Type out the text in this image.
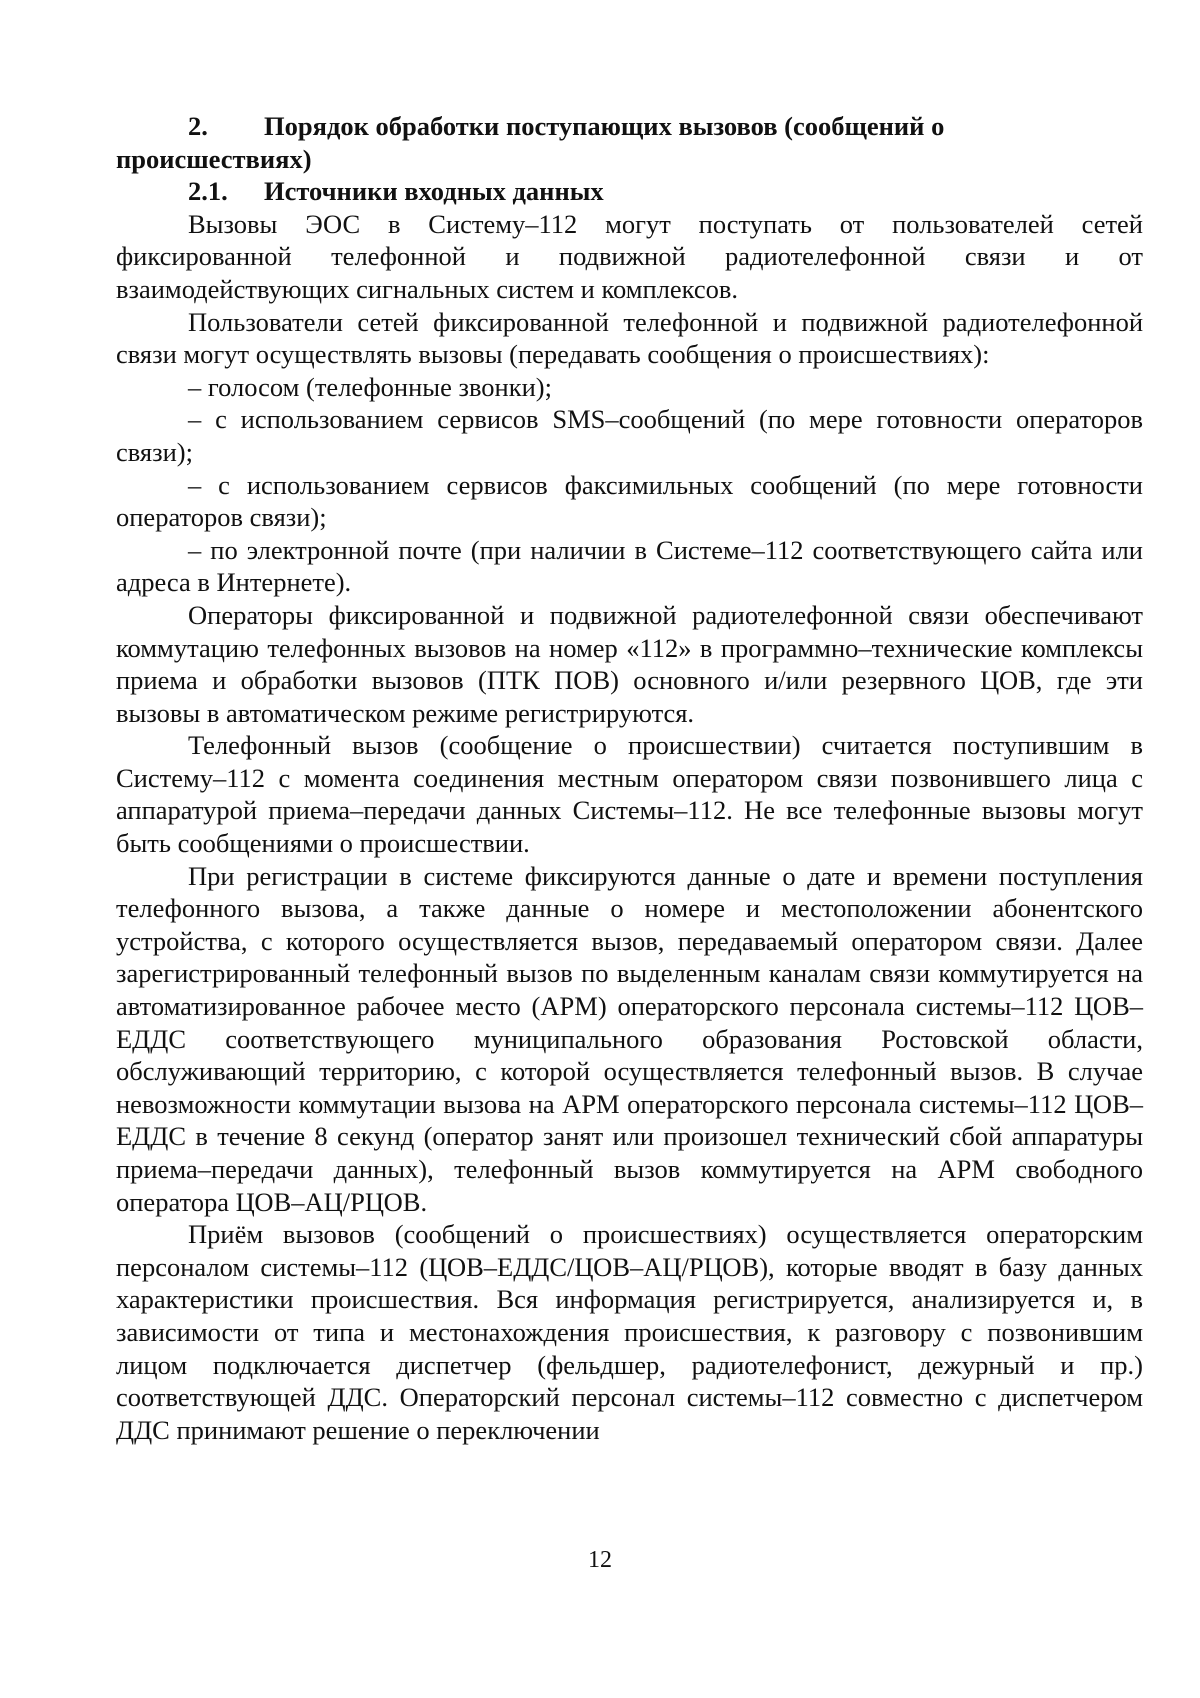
2. Порядок обработки поступающих вызовов (сообщений о
происшествиях)
2.1. Источники входных данных

Вызовы ЭОС в Систему–112 могут поступать от пользователей сетей фиксированной телефонной и подвижной радиотелефонной связи и от взаимодействующих сигнальных систем и комплексов.

Пользователи сетей фиксированной телефонной и подвижной радиотелефонной связи могут осуществлять вызовы (передавать сообщения о происшествиях):

– голосом (телефонные звонки);

– с использованием сервисов SMS–сообщений (по мере готовности операторов связи);

– с использованием сервисов факсимильных сообщений (по мере готовности операторов связи);

– по электронной почте (при наличии в Системе–112 соответствующего сайта или адреса в Интернете).

Операторы фиксированной и подвижной радиотелефонной связи обеспечивают коммутацию телефонных вызовов на номер «112» в программно–технические комплексы приема и обработки вызовов (ПТК ПОВ) основного и/или резервного ЦОВ, где эти вызовы в автоматическом режиме регистрируются.

Телефонный вызов (сообщение о происшествии) считается поступившим в Систему–112 с момента соединения местным оператором связи позвонившего лица с аппаратурой приема–передачи данных Системы–112. Не все телефонные вызовы могут быть сообщениями о происшествии.

При регистрации в системе фиксируются данные о дате и времени поступления телефонного вызова, а также данные о номере и местоположении абонентского устройства, с которого осуществляется вызов, передаваемый оператором связи. Далее зарегистрированный телефонный вызов по выделенным каналам связи коммутируется на автоматизированное рабочее место (АРМ) операторского персонала системы–112 ЦОВ–ЕДДС соответствующего муниципального образования Ростовской области, обслуживающий территорию, с которой осуществляется телефонный вызов. В случае невозможности коммутации вызова на АРМ операторского персонала системы–112 ЦОВ–ЕДДС в течение 8 секунд (оператор занят или произошел технический сбой аппаратуры приема–передачи данных), телефонный вызов коммутируется на АРМ свободного оператора ЦОВ–АЦ/РЦОВ.

Приём вызовов (сообщений о происшествиях) осуществляется операторским персоналом системы–112 (ЦОВ–ЕДДС/ЦОВ–АЦ/РЦОВ), которые вводят в базу данных характеристики происшествия. Вся информация регистрируется, анализируется и, в зависимости от типа и местонахождения происшествия, к разговору с позвонившим лицом подключается диспетчер (фельдшер, радиотелефонист, дежурный и пр.) соответствующей ДДС. Операторский персонал системы–112 совместно с диспетчером ДДС принимают решение о переключении

12
